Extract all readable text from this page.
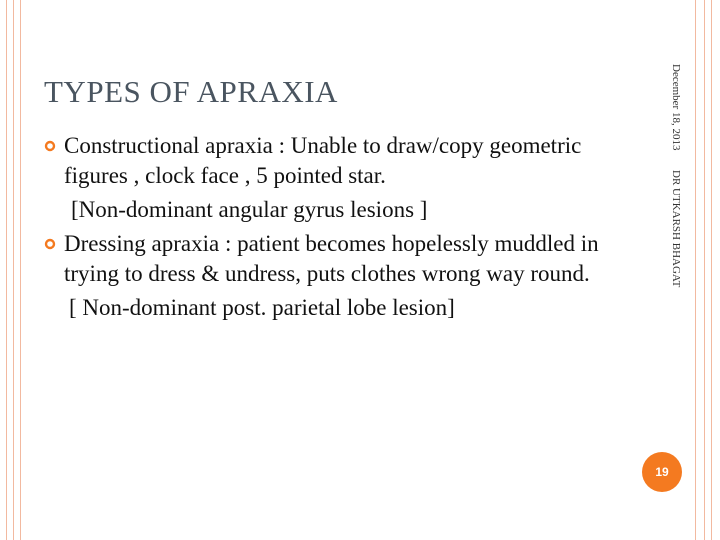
TYPES OF APRAXIA
Constructional apraxia : Unable to draw/copy geometric figures , clock face , 5 pointed star.
[Non-dominant angular gyrus lesions ]
Dressing apraxia : patient becomes hopelessly muddled in trying to dress & undress, puts clothes wrong way round.
[ Non-dominant post. parietal lobe lesion]
December 18, 2013DR UTKARSH BHAGAT
19
